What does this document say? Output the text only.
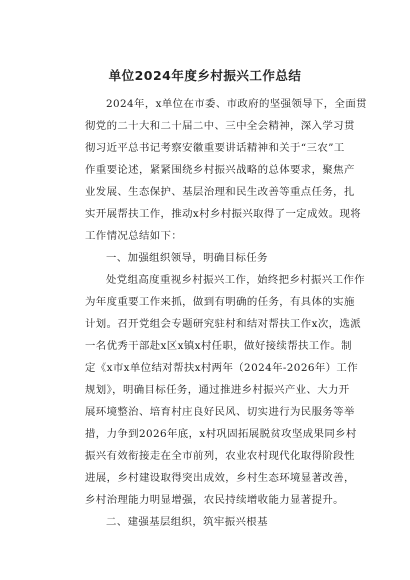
单位2024年度乡村振兴工作总结
2024年，x单位在市委、市政府的坚强领导下，全面贯
彻党的二十大和二十届二中、三中全会精神，深入学习贯
彻习近平总书记考察安徽重要讲话精神和关于“三农”工
作重要论述，紧紧围绕乡村振兴战略的总体要求，聚焦产
业发展、生态保护、基层治理和民生改善等重点任务，扎
实开展帮扶工作，推动x村乡村振兴取得了一定成效。现将
工作情况总结如下：
一、加强组织领导，明确目标任务
处党组高度重视乡村振兴工作，始终把乡村振兴工作作
为年度重要工作来抓，做到有明确的任务，有具体的实施
计划。召开党组会专题研究驻村和结对帮扶工作x次，选派
一名优秀干部赴x区x镇x村任职，做好接续帮扶工作。制
定《x市x单位结对帮扶x村两年（2024年-2026年）工作
规划》，明确目标任务，通过推进乡村振兴产业、大力开
展环境整治、培育村庄良好民风、切实进行为民服务等举
措，力争到2026年底，x村巩固拓展脱贫攻坚成果同乡村
振兴有效衔接走在全市前列，农业农村现代化取得阶段性
进展，乡村建设取得突出成效，乡村生态环境显著改善，
乡村治理能力明显增强，农民持续增收能力显著提升。
二、建强基层组织，筑牢振兴根基
